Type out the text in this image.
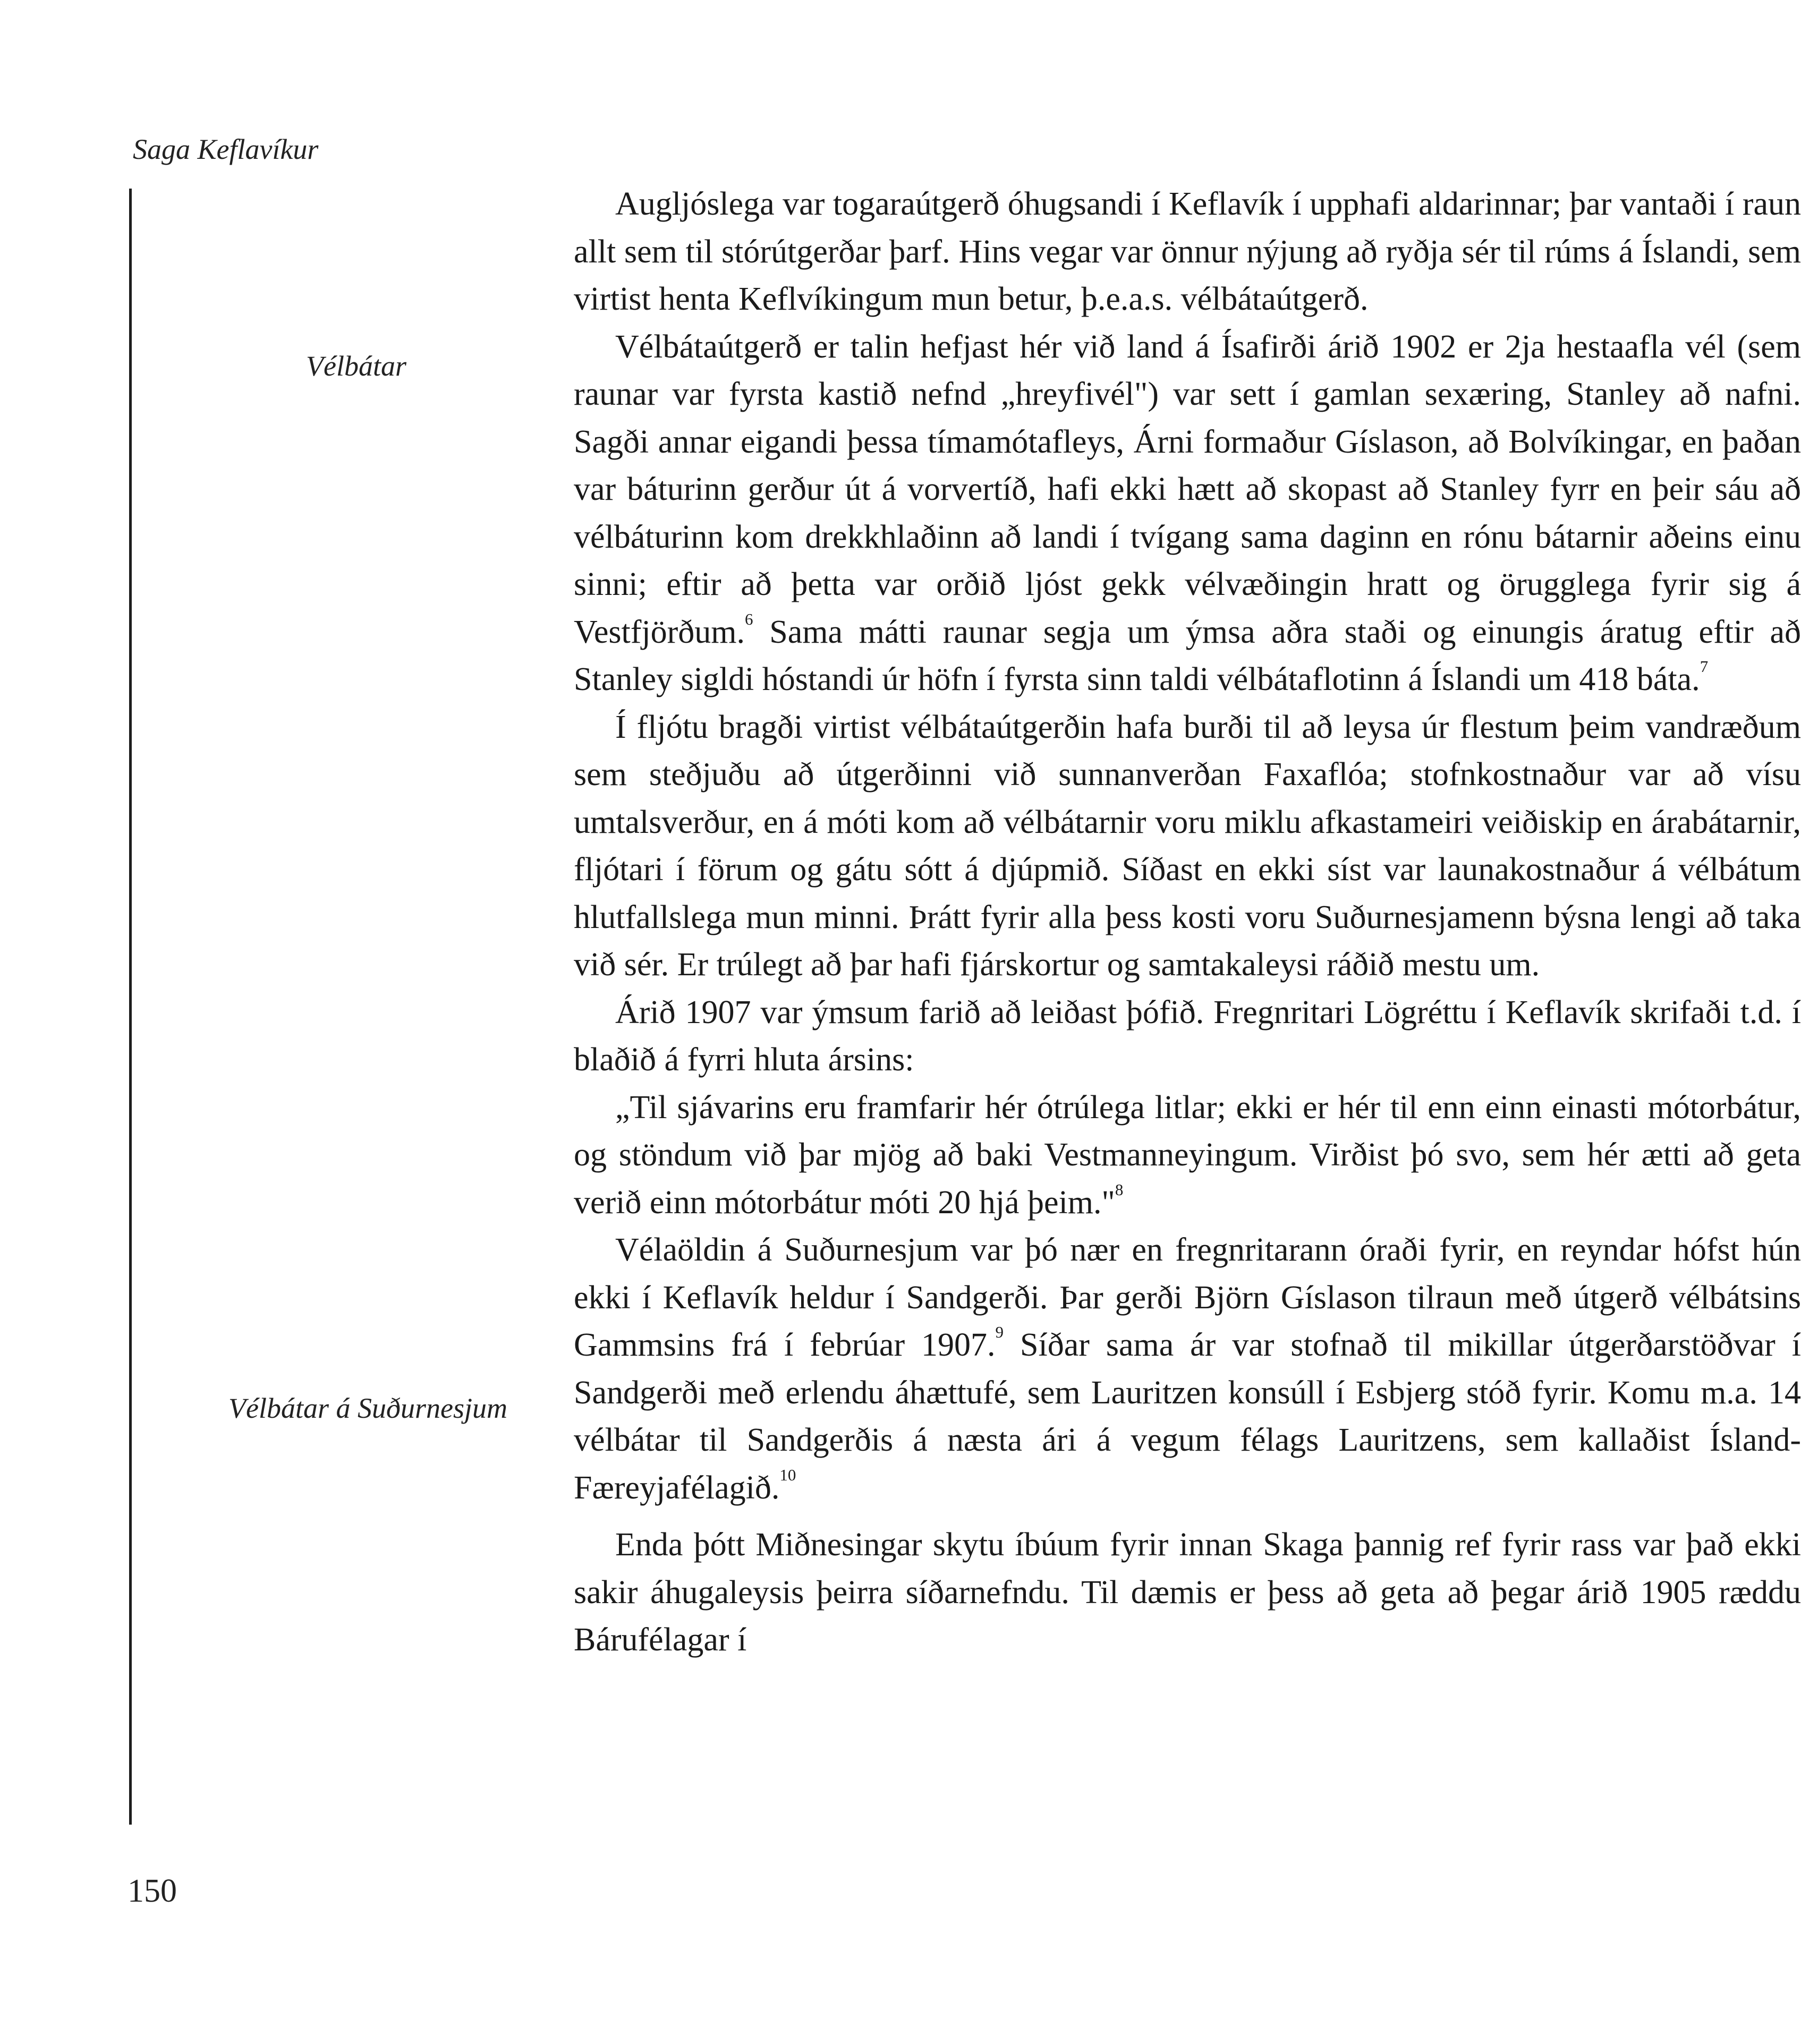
Saga Keflavíkur
Vélbátar
Vélbátar á Suðurnesjum

Augljóslega var togaraútgerð óhugsandi í Keflavík í upphafi aldarinnar; þar vantaði í raun allt sem til stórútgerðar þarf. Hins vegar var önnur nýjung að ryðja sér til rúms á Íslandi, sem virtist henta Keflvíkingum mun betur, þ.e.a.s. vélbátaútgerð.

Vélbátaútgerð er talin hefjast hér við land á Ísafirði árið 1902 er 2ja hestaafla vél (sem raunar var fyrsta kastið nefnd „hreyfivél") var sett í gamlan sexæring, Stanley að nafni. Sagði annar eigandi þessa tímamótafleys, Árni formaður Gíslason, að Bolvíkingar, en þaðan var báturinn gerður út á vorvertíð, hafi ekki hætt að skopast að Stanley fyrr en þeir sáu að vélbáturinn kom drekkhlaðinn að landi í tvígang sama daginn en rónu bátarnir aðeins einu sinni; eftir að þetta var orðið ljóst gekk vélvæðingin hratt og örugglega fyrir sig á Vestfjörðum.$^6$ Sama mátti raunar segja um ýmsa aðra staði og einungis áratug eftir að Stanley sigldi hóstandi úr höfn í fyrsta sinn taldi vélbátaflotinn á Íslandi um 418 báta.$^7$

Í fljótu bragði virtist vélbátaútgerðin hafa burði til að leysa úr flestum þeim vandræðum sem steðjuðu að útgerðinni við sunnanverðan Faxaflóa; stofnkostnaður var að vísu umtalsverður, en á móti kom að vélbátarnir voru miklu afkastameiri veiðiskip en árabátarnir, fljótari í förum og gátu sótt á djúpmið. Síðast en ekki síst var launakostnaður á vélbátum hlutfallslega mun minni. Þrátt fyrir alla þess kosti voru Suðurnesjamenn býsna lengi að taka við sér. Er trúlegt að þar hafi fjárskortur og samtakaleysi ráðið mestu um.

Árið 1907 var ýmsum farið að leiðast þófið. Fregnritari Lögréttu í Keflavík skrifaði t.d. í blaðið á fyrri hluta ársins:

„Til sjávarins eru framfarir hér ótrúlega litlar; ekki er hér til enn einn einasti mótorbátur, og stöndum við þar mjög að baki Vestmanneyingum. Virðist þó svo, sem hér ætti að geta verið einn mótorbátur móti 20 hjá þeim."$^8$

Vélaöldin á Suðurnesjum var þó nær en fregnritarann óraði fyrir, en reyndar hófst hún ekki í Keflavík heldur í Sandgerði. Þar gerði Björn Gíslason tilraun með útgerð vélbátsins Gammsins frá í febrúar 1907.$^9$ Síðar sama ár var stofnað til mikillar útgerðarstöðvar í Sandgerði með erlendu áhættufé, sem Lauritzen konsúll í Esbjerg stóð fyrir. Komu m.a. 14 vélbátar til Sandgerðis á næsta ári á vegum félags Lauritzens, sem kallaðist Ísland-Færeyjafélagið.$^{10}$

Enda þótt Miðnesingar skytu íbúum fyrir innan Skaga þannig ref fyrir rass var það ekki sakir áhugaleysis þeirra síðarnefndu. Til dæmis er þess að geta að þegar árið 1905 ræddu Bárufélagar í

150
